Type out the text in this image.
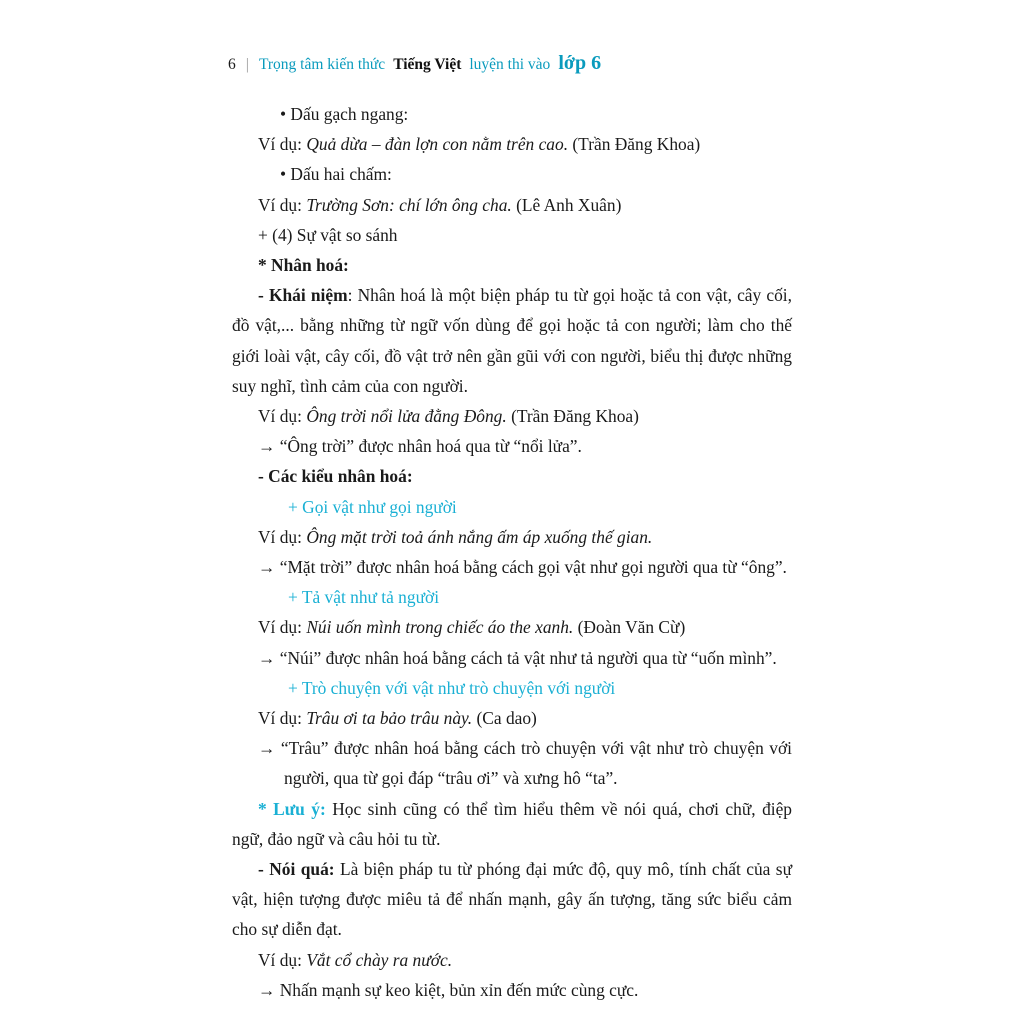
6 | Trọng tâm kiến thức Tiếng Việt luyện thi vào lớp 6
• Dấu gạch ngang:
Ví dụ: Quả dừa – đàn lợn con nằm trên cao. (Trần Đăng Khoa)
• Dấu hai chấm:
Ví dụ: Trường Sơn: chí lớn ông cha. (Lê Anh Xuân)
+ (4) Sự vật so sánh
* Nhân hoá:
- Khái niệm: Nhân hoá là một biện pháp tu từ gọi hoặc tả con vật, cây cối, đồ vật,... bằng những từ ngữ vốn dùng để gọi hoặc tả con người; làm cho thế giới loài vật, cây cối, đồ vật trở nên gần gũi với con người, biểu thị được những suy nghĩ, tình cảm của con người.
Ví dụ: Ông trời nổi lửa đằng Đông. (Trần Đăng Khoa)
→ “Ông trời” được nhân hoá qua từ “nổi lửa”.
- Các kiểu nhân hoá:
+ Gọi vật như gọi người
Ví dụ: Ông mặt trời toả ánh nắng ấm áp xuống thế gian.
→ “Mặt trời” được nhân hoá bằng cách gọi vật như gọi người qua từ “ông”.
+ Tả vật như tả người
Ví dụ: Núi uốn mình trong chiếc áo the xanh. (Đoàn Văn Cừ)
→ “Núi” được nhân hoá bằng cách tả vật như tả người qua từ “uốn mình”.
+ Trò chuyện với vật như trò chuyện với người
Ví dụ: Trâu ơi ta bảo trâu này. (Ca dao)
→ “Trâu” được nhân hoá bằng cách trò chuyện với vật như trò chuyện với người, qua từ gọi đáp “trâu ơi” và xưng hô “ta”.
* Lưu ý: Học sinh cũng có thể tìm hiểu thêm về nói quá, chơi chữ, điệp ngữ, đảo ngữ và câu hỏi tu từ.
- Nói quá: Là biện pháp tu từ phóng đại mức độ, quy mô, tính chất của sự vật, hiện tượng được miêu tả để nhấn mạnh, gây ấn tượng, tăng sức biểu cảm cho sự diễn đạt.
Ví dụ: Vắt cổ chày ra nước.
→ Nhấn mạnh sự keo kiệt, bủn xỉn đến mức cùng cực.
